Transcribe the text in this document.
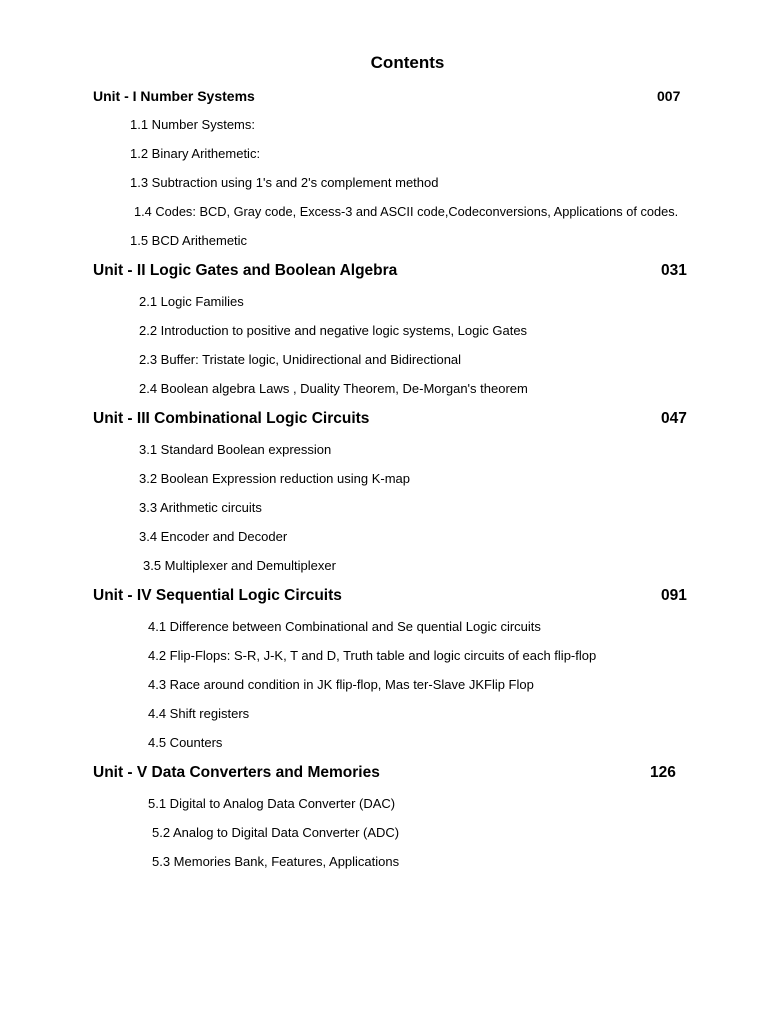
Contents
Unit - I Number Systems	007
1.1 Number Systems:
1.2 Binary Arithemetic:
1.3 Subtraction using 1's and 2's complement method
1.4 Codes: BCD, Gray code, Excess-3 and ASCII code,Codeconversions, Applications of codes.
1.5 BCD Arithemetic
Unit - II Logic Gates and Boolean Algebra	031
2.1 Logic Families
2.2 Introduction to positive and negative logic systems, Logic Gates
2.3 Buffer: Tristate logic, Unidirectional and Bidirectional
2.4 Boolean algebra Laws , Duality Theorem, De-Morgan's theorem
Unit - III Combinational Logic Circuits	047
3.1 Standard Boolean expression
3.2 Boolean Expression reduction using K-map
3.3 Arithmetic circuits
3.4 Encoder and Decoder
3.5 Multiplexer and Demultiplexer
Unit - IV Sequential Logic Circuits	091
4.1 Difference between Combinational and Se quential Logic circuits
4.2 Flip-Flops: S-R, J-K, T and D, Truth table and logic circuits of each flip-flop
4.3 Race around condition in JK flip-flop, Mas ter-Slave JKFlip Flop
4.4 Shift registers
4.5 Counters
Unit - V Data Converters and Memories	126
5.1 Digital to Analog Data Converter (DAC)
5.2 Analog to Digital Data Converter (ADC)
5.3 Memories Bank, Features, Applications
